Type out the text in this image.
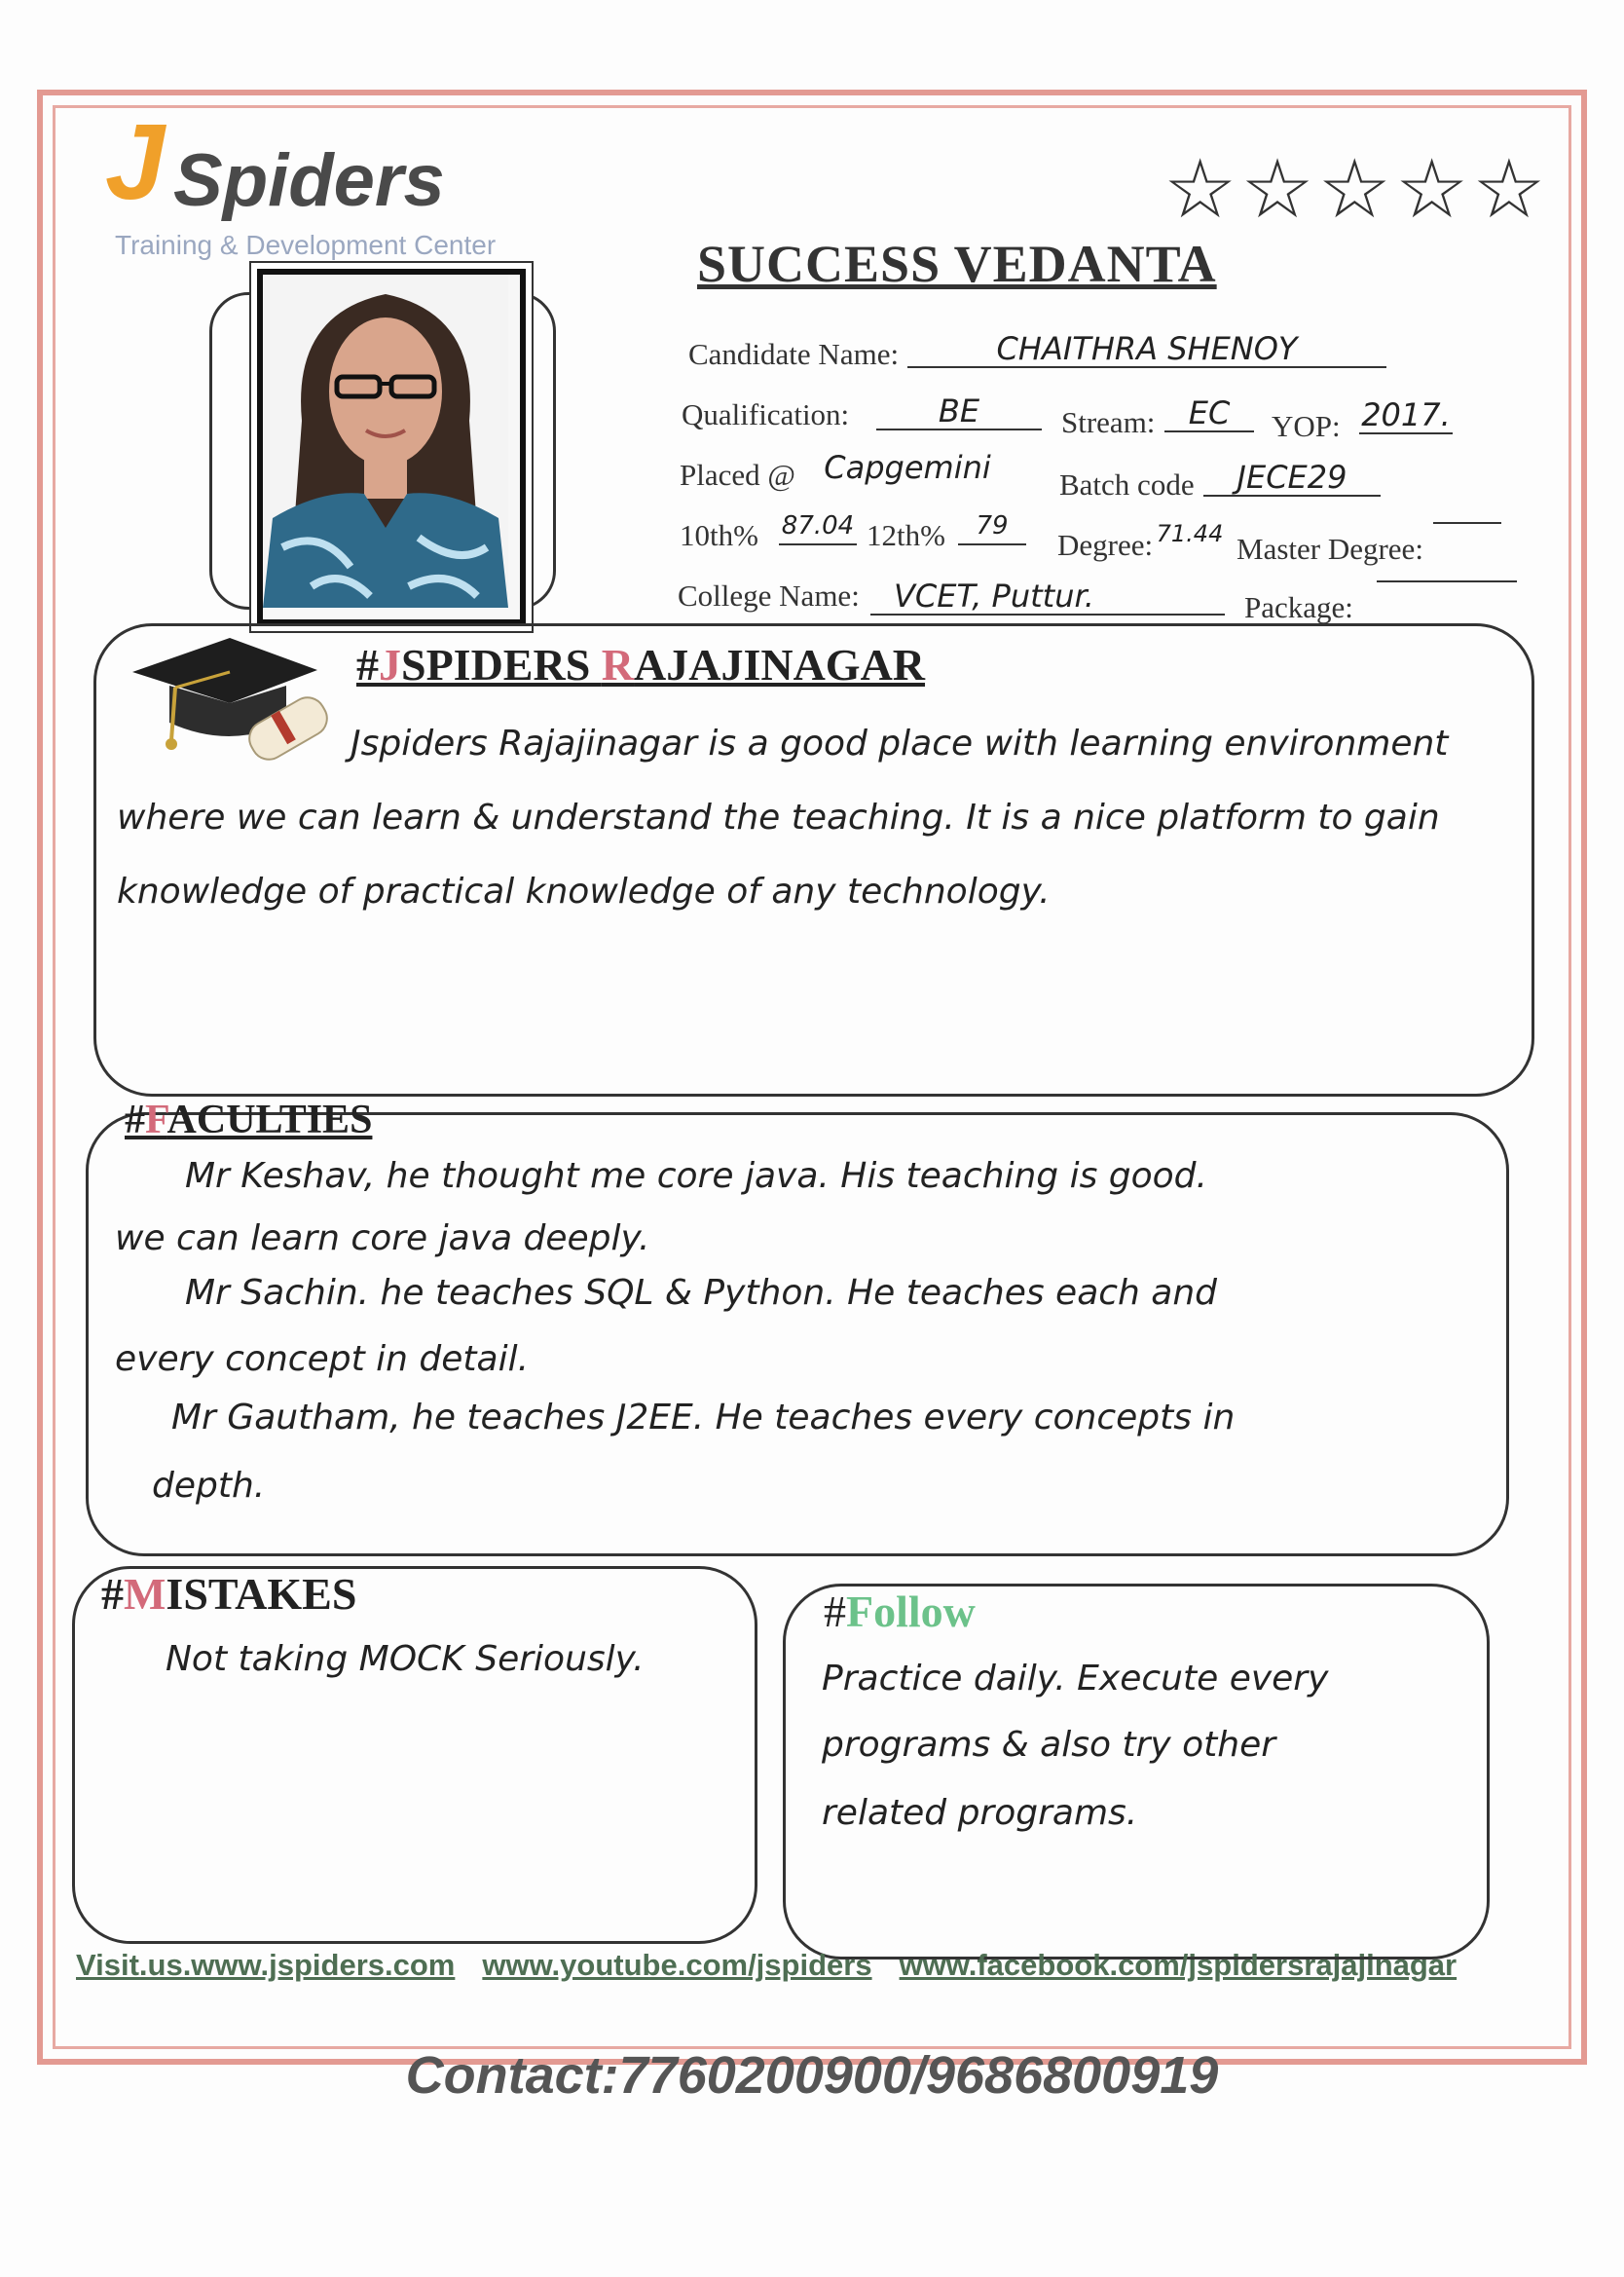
J Spiders
Training & Development Center
☆ ☆ ☆ ☆ ☆
SUCCESS VEDANTA
Candidate Name:	CHAITHRA SHENOY
Qualification:	BE	Stream:	EC	YOP: 2017.
Placed @ Capgemini Batch code	JECE29
10th% 87.04 12th%	79
Degree: 71.44 Master Degree:
College Name:	VCET, Puttur.	Package:
#JSPIDERS RAJAJINAGAR
Jspiders Rajajinagar is a good place with learning environment where we can learn & understand the teaching. It is a nice platform to gain knowledge of practical knowledge of any technology.
#FACULTIES
Mr Keshav, he thought me core java. His teaching is good.
we can learn core java deeply.
Mr Sachin. he teaches SQL & Python. He teaches each and
every concept in detail.
Mr Gautham, he teaches J2EE. He teaches every concepts in
depth.
#MISTAKES
Not taking MOCK Seriously.
#Follow
Practice daily. Execute every
programs & also try other
related programs.
Visit.us.www.jspiders.com www.youtube.com/jspiders www.facebook.com/jspidersrajajinagar
Contact:7760200900/9686800919
